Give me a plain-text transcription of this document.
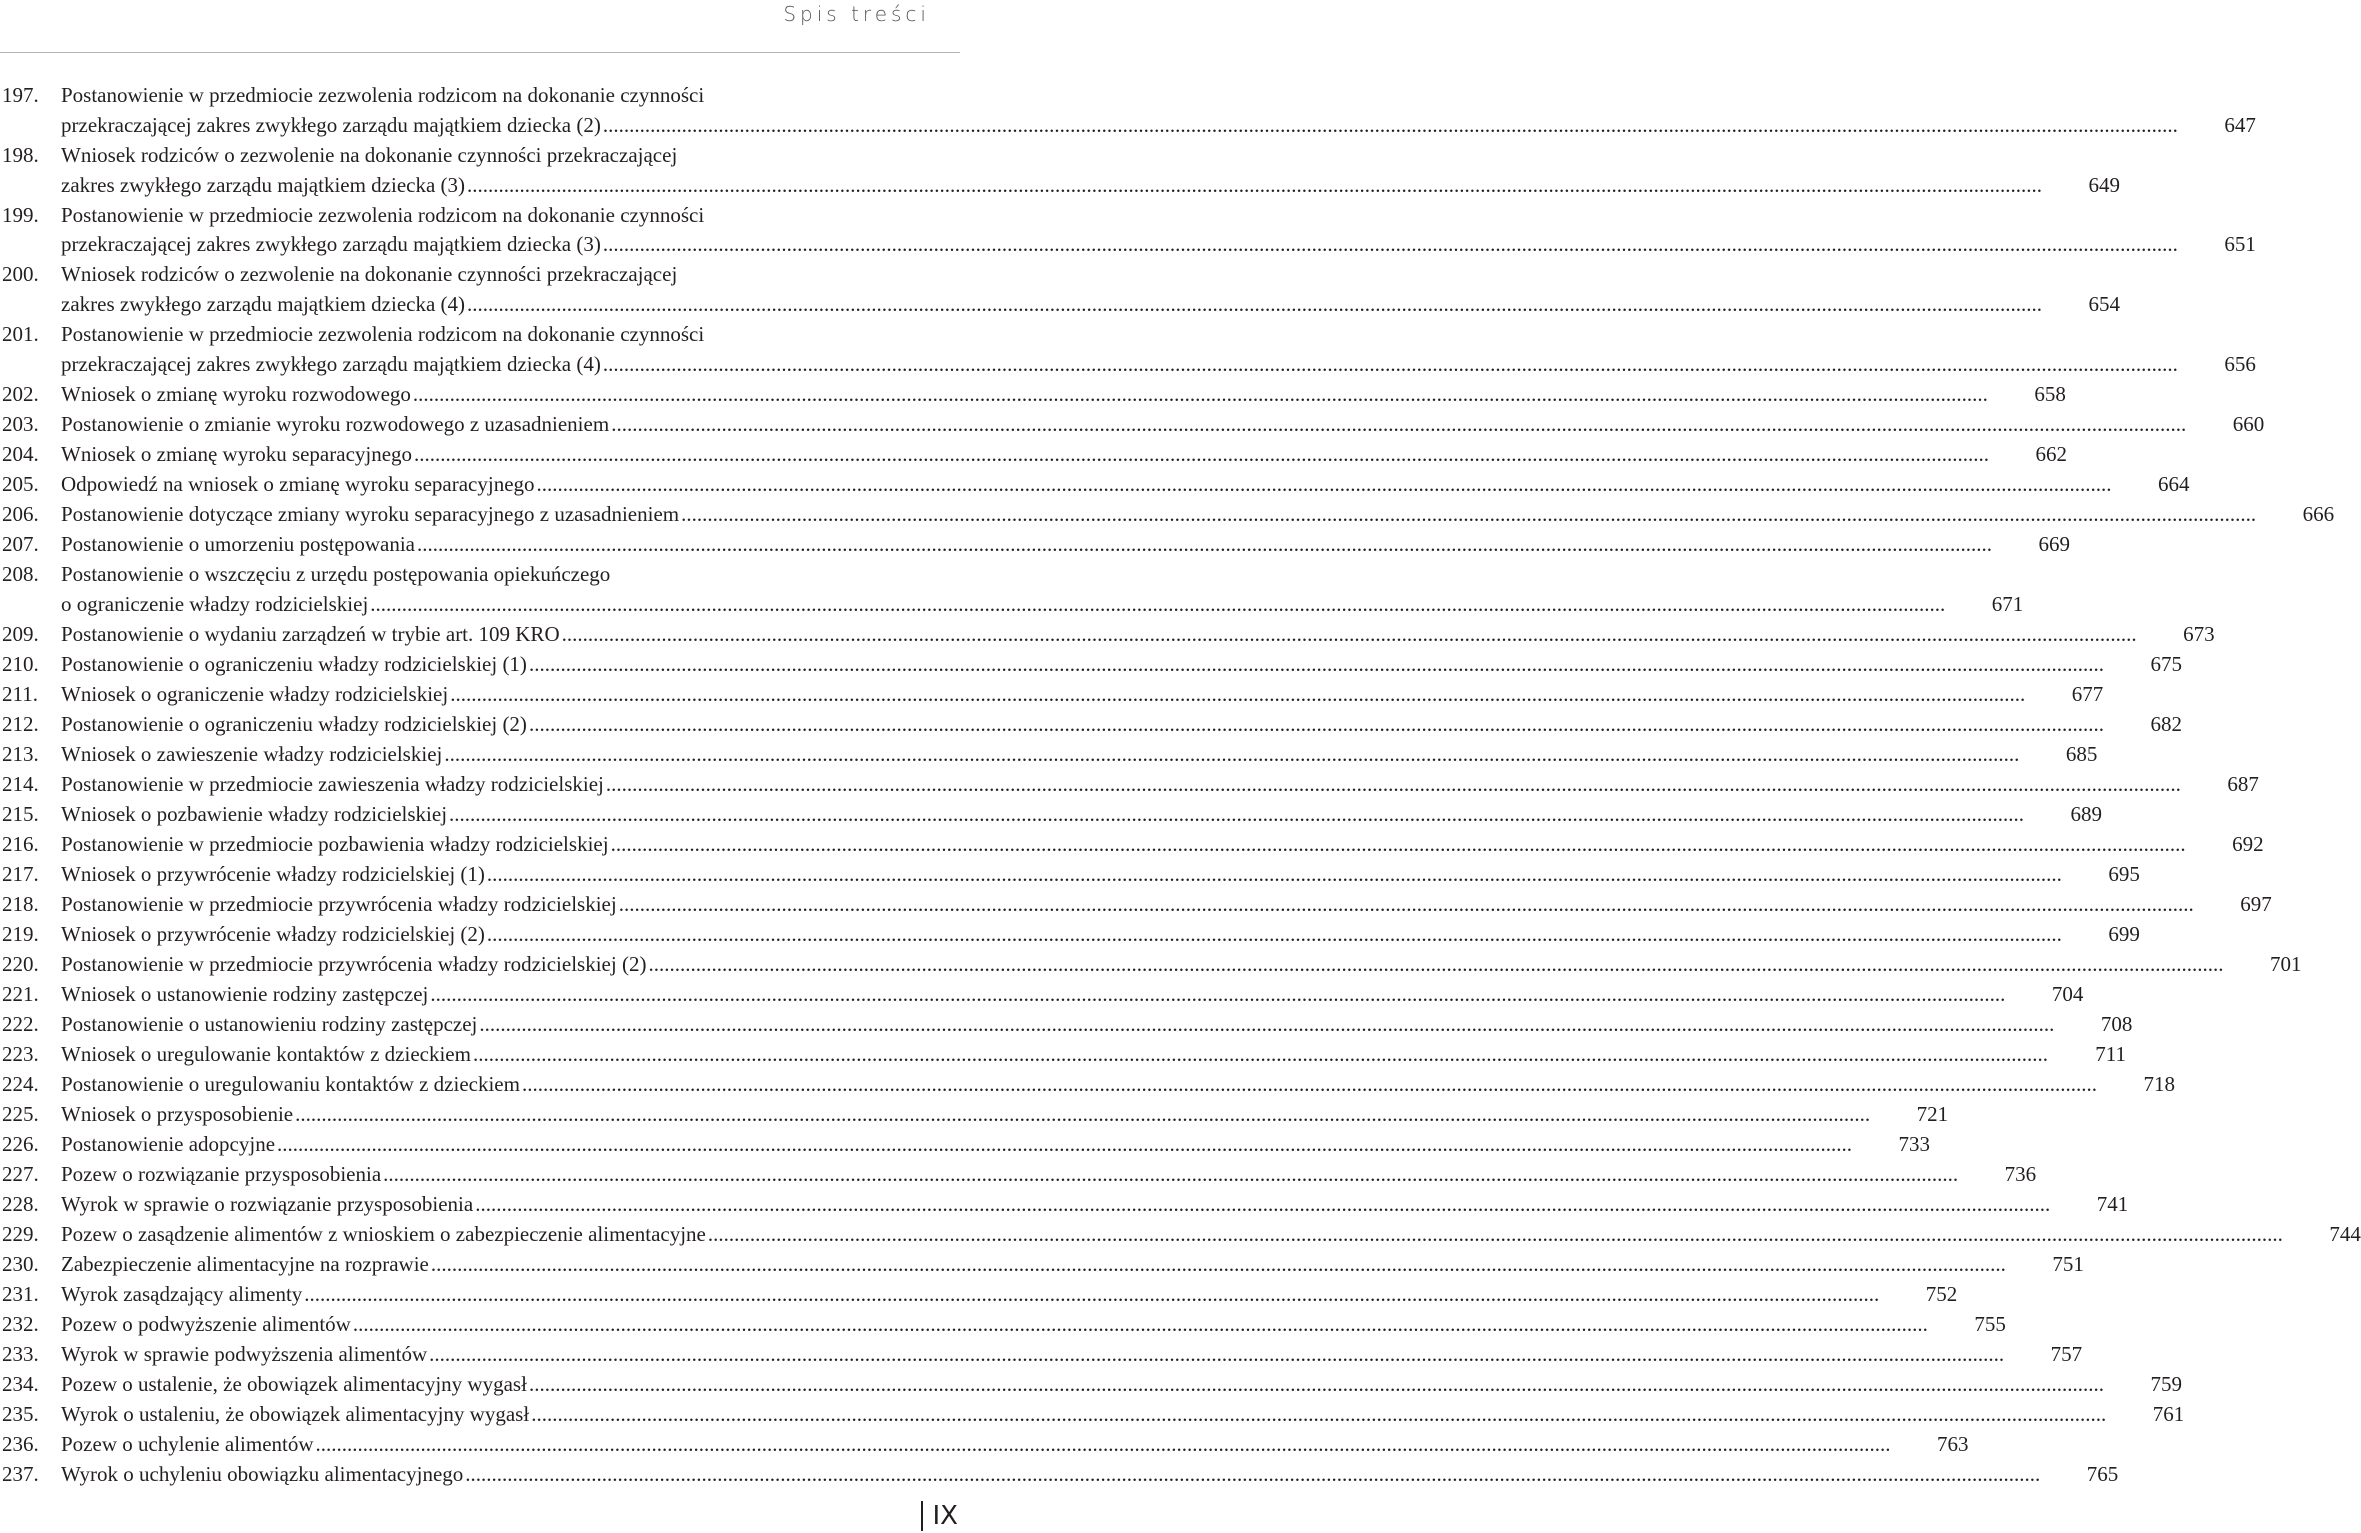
Spis treści
197.	Postanowienie w przedmiocie zezwolenia rodzicom na dokonanie czynności
przekraczającej zakres zwykłego zarządu majątkiem dziecka (2) ............................................................................................................................................................................................................................................................................................................	647
198.	Wniosek rodziców o zezwolenie na dokonanie czynności przekraczającej
zakres zwykłego zarządu majątkiem dziecka (3) ............................................................................................................................................................................................................................................................................................................	649
199.	Postanowienie w przedmiocie zezwolenia rodzicom na dokonanie czynności
przekraczającej zakres zwykłego zarządu majątkiem dziecka (3) ............................................................................................................................................................................................................................................................................................................	651
200.	Wniosek rodziców o zezwolenie na dokonanie czynności przekraczającej
zakres zwykłego zarządu majątkiem dziecka (4) ............................................................................................................................................................................................................................................................................................................	654
201.	Postanowienie w przedmiocie zezwolenia rodzicom na dokonanie czynności
przekraczającej zakres zwykłego zarządu majątkiem dziecka (4) ............................................................................................................................................................................................................................................................................................................	656
202.	Wniosek o zmianę wyroku rozwodowego ............................................................................................................................................................................................................................................................................................................	658
203.	Postanowienie o zmianie wyroku rozwodowego z uzasadnieniem ............................................................................................................................................................................................................................................................................................................	660
204.	Wniosek o zmianę wyroku separacyjnego ............................................................................................................................................................................................................................................................................................................	662
205.	Odpowiedź na wniosek o zmianę wyroku separacyjnego ............................................................................................................................................................................................................................................................................................................	664
206.	Postanowienie dotyczące zmiany wyroku separacyjnego z uzasadnieniem ............................................................................................................................................................................................................................................................................................................	666
207.	Postanowienie o umorzeniu postępowania ............................................................................................................................................................................................................................................................................................................	669
208.	Postanowienie o wszczęciu z urzędu postępowania opiekuńczego
o ograniczenie władzy rodzicielskiej ............................................................................................................................................................................................................................................................................................................	671
209.	Postanowienie o wydaniu zarządzeń w trybie art. 109 KRO ............................................................................................................................................................................................................................................................................................................	673
210.	Postanowienie o ograniczeniu władzy rodzicielskiej (1) ............................................................................................................................................................................................................................................................................................................	675
211.	Wniosek o ograniczenie władzy rodzicielskiej ............................................................................................................................................................................................................................................................................................................	677
212.	Postanowienie o ograniczeniu władzy rodzicielskiej (2) ............................................................................................................................................................................................................................................................................................................	682
213.	Wniosek o zawieszenie władzy rodzicielskiej ............................................................................................................................................................................................................................................................................................................	685
214.	Postanowienie w przedmiocie zawieszenia władzy rodzicielskiej ............................................................................................................................................................................................................................................................................................................	687
215.	Wniosek o pozbawienie władzy rodzicielskiej ............................................................................................................................................................................................................................................................................................................	689
216.	Postanowienie w przedmiocie pozbawienia władzy rodzicielskiej ............................................................................................................................................................................................................................................................................................................	692
217.	Wniosek o przywrócenie władzy rodzicielskiej (1) ............................................................................................................................................................................................................................................................................................................	695
218.	Postanowienie w przedmiocie przywrócenia władzy rodzicielskiej ............................................................................................................................................................................................................................................................................................................	697
219.	Wniosek o przywrócenie władzy rodzicielskiej (2) ............................................................................................................................................................................................................................................................................................................	699
220.	Postanowienie w przedmiocie przywrócenia władzy rodzicielskiej (2) ............................................................................................................................................................................................................................................................................................................	701
221.	Wniosek o ustanowienie rodziny zastępczej ............................................................................................................................................................................................................................................................................................................	704
222.	Postanowienie o ustanowieniu rodziny zastępczej ............................................................................................................................................................................................................................................................................................................	708
223.	Wniosek o uregulowanie kontaktów z dzieckiem ............................................................................................................................................................................................................................................................................................................	711
224.	Postanowienie o uregulowaniu kontaktów z dzieckiem ............................................................................................................................................................................................................................................................................................................	718
225.	Wniosek o przysposobienie ............................................................................................................................................................................................................................................................................................................	721
226.	Postanowienie adopcyjne ............................................................................................................................................................................................................................................................................................................	733
227.	Pozew o rozwiązanie przysposobienia ............................................................................................................................................................................................................................................................................................................	736
228.	Wyrok w sprawie o rozwiązanie przysposobienia ............................................................................................................................................................................................................................................................................................................	741
229.	Pozew o zasądzenie alimentów z wnioskiem o zabezpieczenie alimentacyjne ............................................................................................................................................................................................................................................................................................................	744
230.	Zabezpieczenie alimentacyjne na rozprawie ............................................................................................................................................................................................................................................................................................................	751
231.	Wyrok zasądzający alimenty ............................................................................................................................................................................................................................................................................................................	752
232.	Pozew o podwyższenie alimentów ............................................................................................................................................................................................................................................................................................................	755
233.	Wyrok w sprawie podwyższenia alimentów ............................................................................................................................................................................................................................................................................................................	757
234.	Pozew o ustalenie, że obowiązek alimentacyjny wygasł ............................................................................................................................................................................................................................................................................................................	759
235.	Wyrok o ustaleniu, że obowiązek alimentacyjny wygasł ............................................................................................................................................................................................................................................................................................................	761
236.	Pozew o uchylenie alimentów ............................................................................................................................................................................................................................................................................................................	763
237.	Wyrok o uchyleniu obowiązku alimentacyjnego ............................................................................................................................................................................................................................................................................................................	765
IX
